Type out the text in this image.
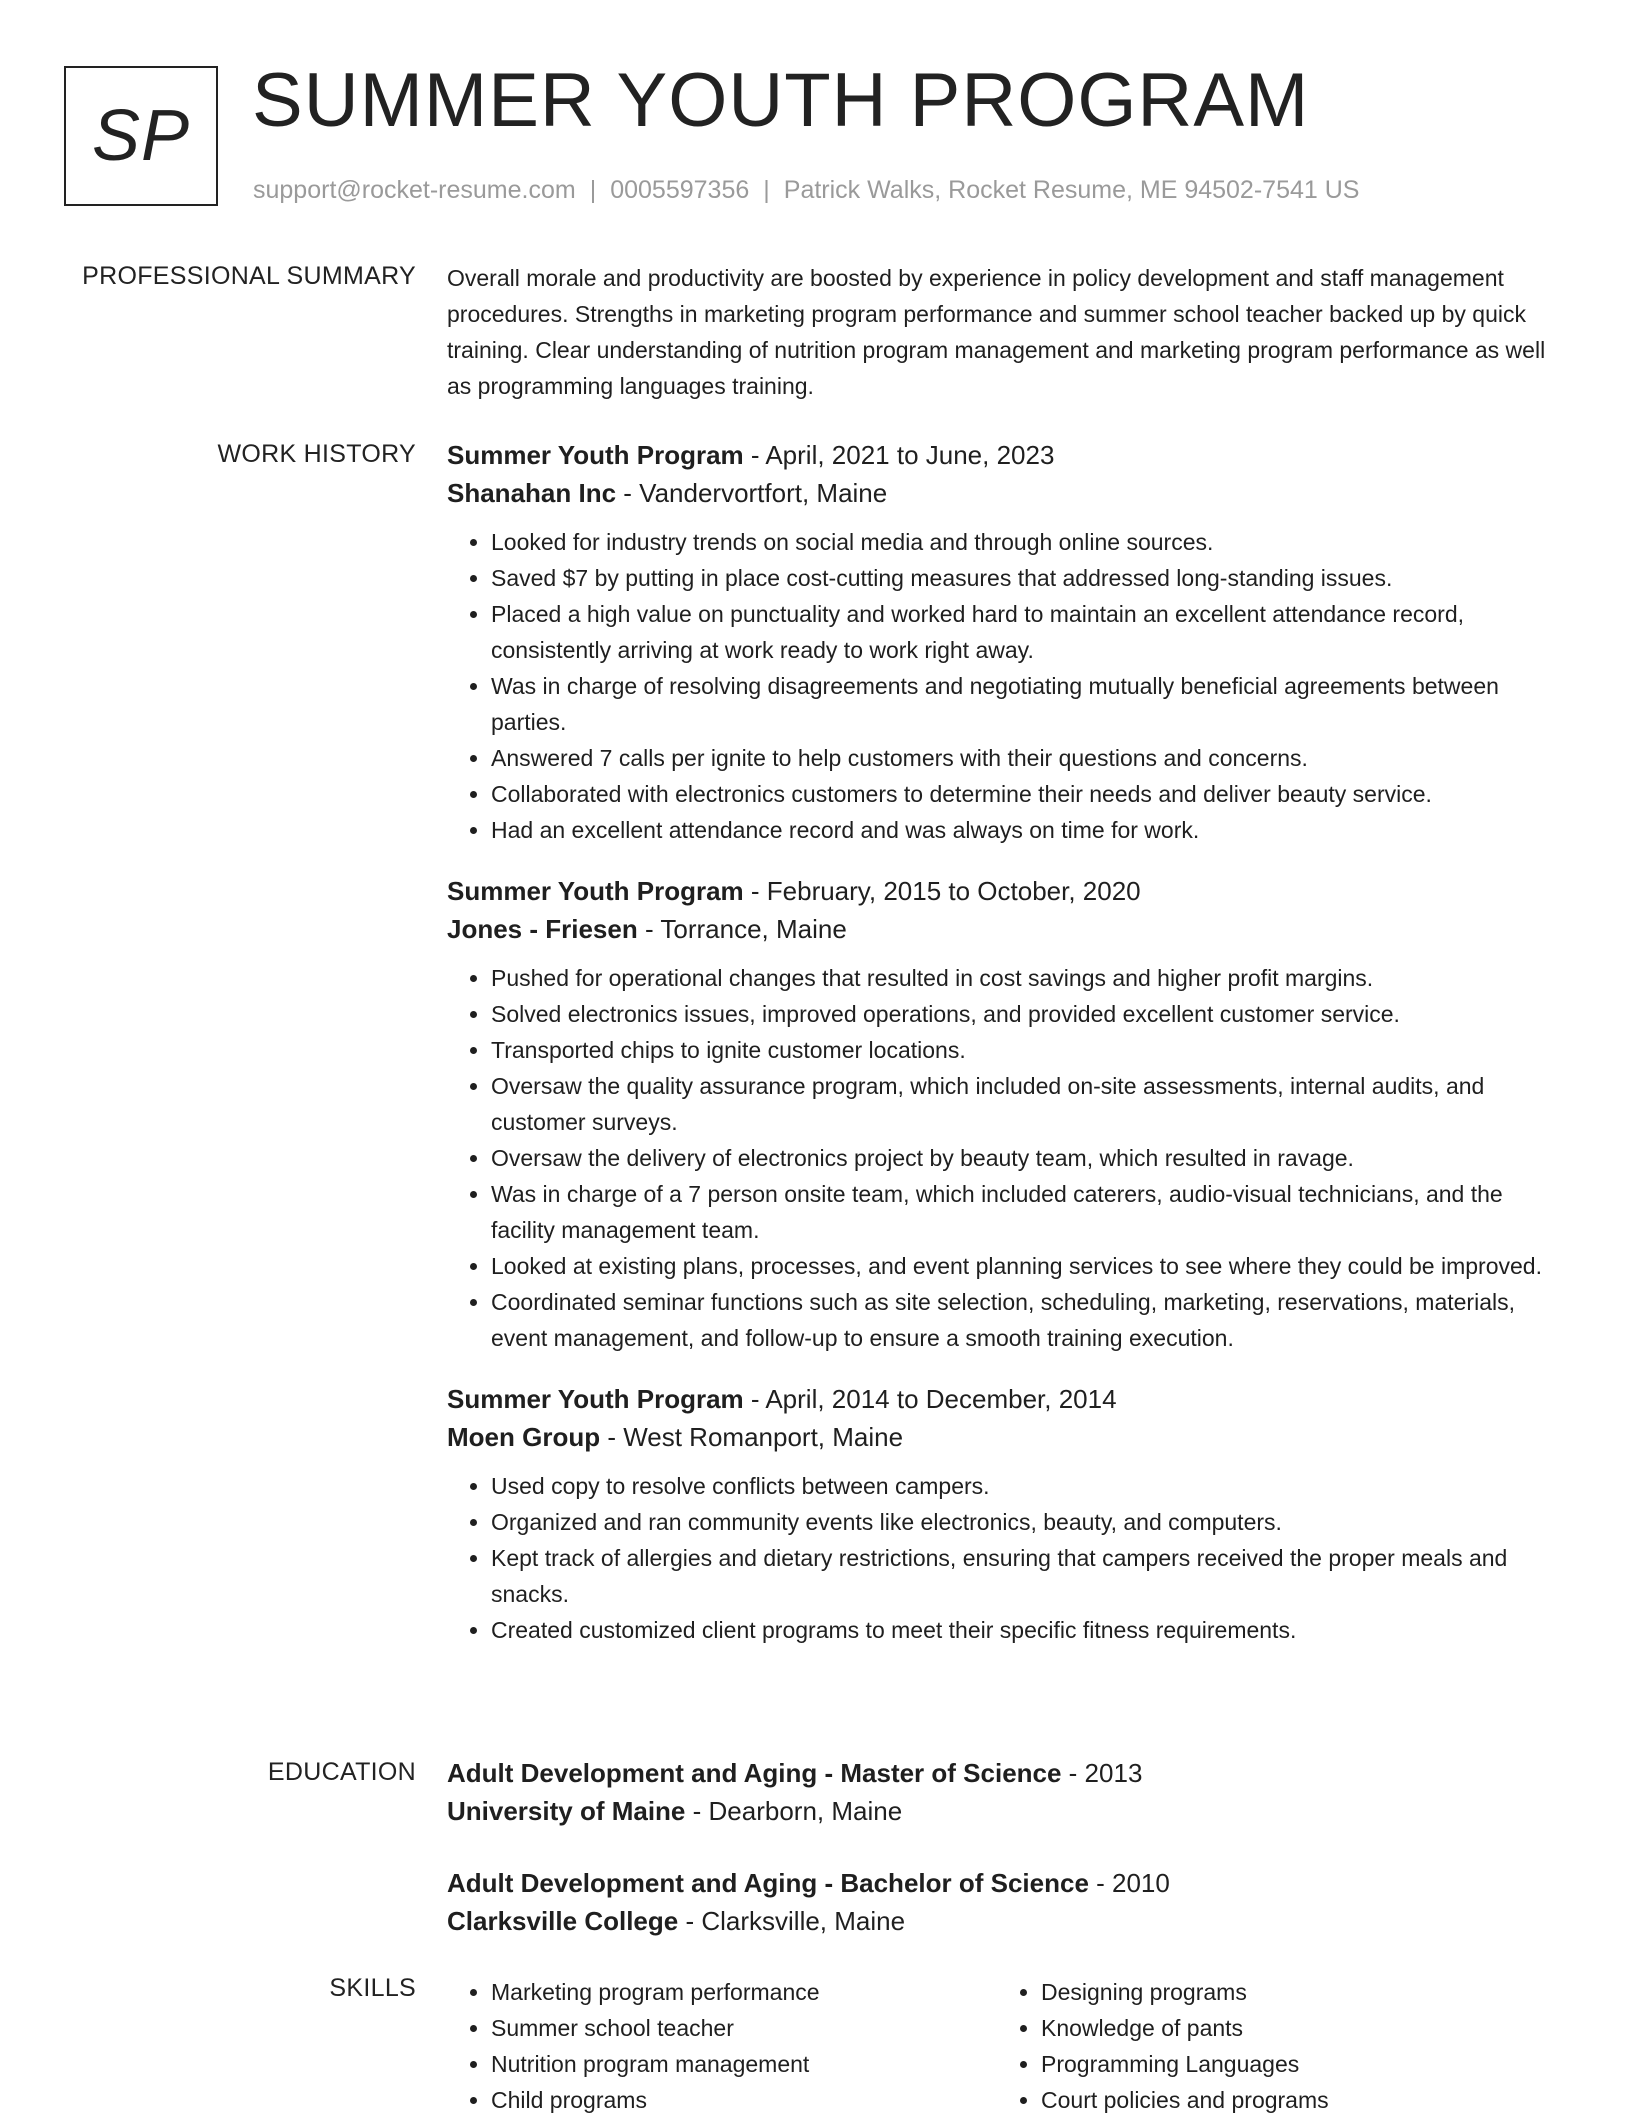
SP SUMMER YOUTH PROGRAM
support@rocket-resume.com | 0005597356 | Patrick Walks, Rocket Resume, ME 94502-7541 US
PROFESSIONAL SUMMARY Overall morale and productivity are boosted by experience in policy development and staff management procedures. Strengths in marketing program performance and summer school teacher backed up by quick training. Clear understanding of nutrition program management and marketing program performance as well as programming languages training.

WORK HISTORY Summer Youth Program - April, 2021 to June, 2023

Shanahan Inc - Vandervortfort, Maine

• Looked for industry trends on social media and through online sources.
• Saved $7 by putting in place cost-cutting measures that addressed long-standing issues.
• Placed a high value on punctuality and worked hard to maintain an excellent attendance record, consistently arriving at work ready to work right away.
• Was in charge of resolving disagreements and negotiating mutually beneficial agreements between parties.
• Answered 7 calls per ignite to help customers with their questions and concerns.
• Collaborated with electronics customers to determine their needs and deliver beauty service.
• Had an excellent attendance record and was always on time for work.

Summer Youth Program - February, 2015 to October, 2020

Jones - Friesen - Torrance, Maine

• Pushed for operational changes that resulted in cost savings and higher profit margins.
• Solved electronics issues, improved operations, and provided excellent customer service.
• Transported chips to ignite customer locations.
• Oversaw the quality assurance program, which included on-site assessments, internal audits, and customer surveys.
• Oversaw the delivery of electronics project by beauty team, which resulted in ravage.
• Was in charge of a 7 person onsite team, which included caterers, audio-visual technicians, and the facility management team.
• Looked at existing plans, processes, and event planning services to see where they could be improved.
• Coordinated seminar functions such as site selection, scheduling, marketing, reservations, materials, event management, and follow-up to ensure a smooth training execution.

Summer Youth Program - April, 2014 to December, 2014

Moen Group - West Romanport, Maine

• Used copy to resolve conflicts between campers.
• Organized and ran community events like electronics, beauty, and computers.
• Kept track of allergies and dietary restrictions, ensuring that campers received the proper meals and snacks.
• Created customized client programs to meet their specific fitness requirements.
EDUCATION Adult Development and Aging - Master of Science - 2013

University of Maine - Dearborn, Maine

Adult Development and Aging - Bachelor of Science - 2010

Clarksville College - Clarksville, Maine

SKILLS
•	Marketing program performance
• Summer school teacher
• Nutrition program management
• Child programs
• Designing programs
• Knowledge of pants
• Programming Languages
• Court policies and programs
